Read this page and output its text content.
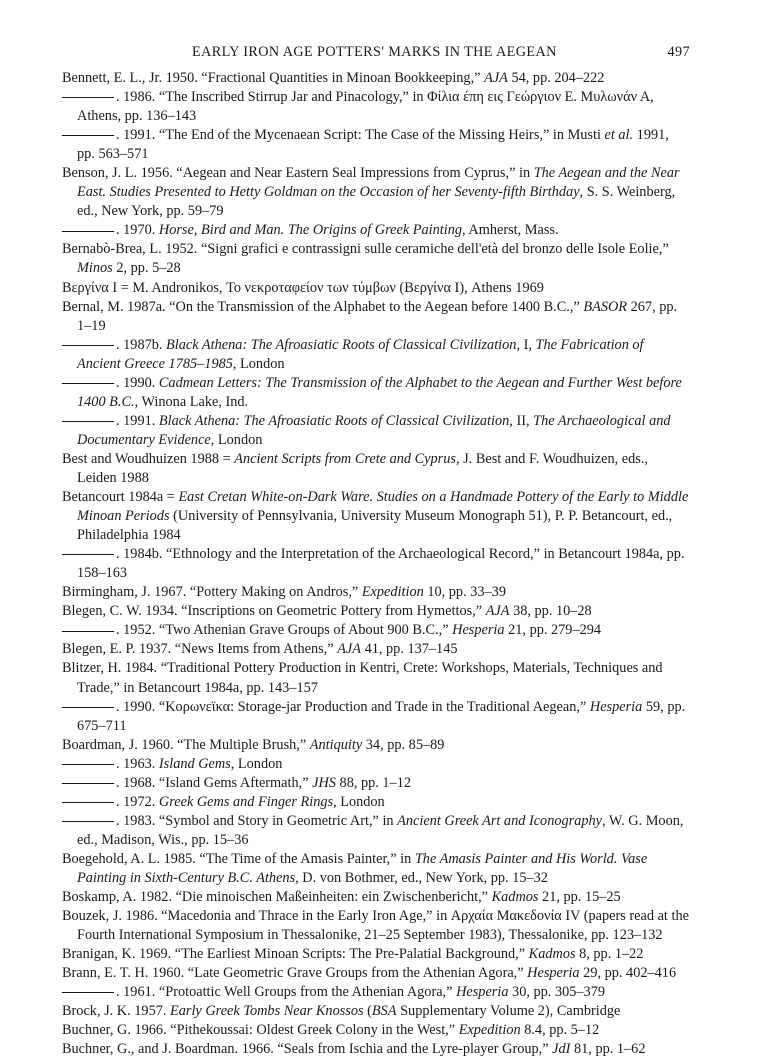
EARLY IRON AGE POTTERS' MARKS IN THE AEGEAN	497

Bennett, E. L., Jr. 1950. “Fractional Quantities in Minoan Bookkeeping,” AJA 54, pp. 204–222

. 1986. “The Inscribed Stirrup Jar and Pinacology,” in Φίλια έπη εις Γεώργιον Ε. Μυλωνάν Α, Athens, pp. 136–143

. 1991. “The End of the Mycenaean Script: The Case of the Missing Heirs,” in Musti et al. 1991, pp. 563–571

Benson, J. L. 1956. “Aegean and Near Eastern Seal Impressions from Cyprus,” in The Aegean and the Near East. Studies Presented to Hetty Goldman on the Occasion of her Seventy-fifth Birthday, S. S. Weinberg, ed., New York, pp. 59–79

. 1970. Horse, Bird and Man. The Origins of Greek Painting, Amherst, Mass.

Bernabò-Brea, L. 1952. “Signi grafici e contrassigni sulle ceramiche dell'età del bronzo delle Isole Eolie,” Minos 2, pp. 5–28

Βεργίνα I = M. Andronikos, Το νεκροταφείον των τύμβων (Βεργίνα I), Athens 1969

Bernal, M. 1987a. “On the Transmission of the Alphabet to the Aegean before 1400 B.C.,” BASOR 267, pp. 1–19

. 1987b. Black Athena: The Afroasiatic Roots of Classical Civilization, I, The Fabrication of Ancient Greece 1785–1985, London

. 1990. Cadmean Letters: The Transmission of the Alphabet to the Aegean and Further West before 1400 B.C., Winona Lake, Ind.

. 1991. Black Athena: The Afroasiatic Roots of Classical Civilization, II, The Archaeological and Documentary Evidence, London

Best and Woudhuizen 1988 = Ancient Scripts from Crete and Cyprus, J. Best and F. Woudhuizen, eds., Leiden 1988

Betancourt 1984a = East Cretan White-on-Dark Ware. Studies on a Handmade Pottery of the Early to Middle Minoan Periods (University of Pennsylvania, University Museum Monograph 51), P. P. Betancourt, ed., Philadelphia 1984

. 1984b. “Ethnology and the Interpretation of the Archaeological Record,” in Betancourt 1984a, pp. 158–163

Birmingham, J. 1967. “Pottery Making on Andros,” Expedition 10, pp. 33–39

Blegen, C. W. 1934. “Inscriptions on Geometric Pottery from Hymettos,” AJA 38, pp. 10–28

. 1952. “Two Athenian Grave Groups of About 900 B.C.,” Hesperia 21, pp. 279–294

Blegen, E. P. 1937. “News Items from Athens,” AJA 41, pp. 137–145

Blitzer, H. 1984. “Traditional Pottery Production in Kentri, Crete: Workshops, Materials, Techniques and Trade,” in Betancourt 1984a, pp. 143–157

. 1990. “Κορωνεϊκα: Storage-jar Production and Trade in the Traditional Aegean,” Hesperia 59, pp. 675–711

Boardman, J. 1960. “The Multiple Brush,” Antiquity 34, pp. 85–89

. 1963. Island Gems, London

. 1968. “Island Gems Aftermath,” JHS 88, pp. 1–12

. 1972. Greek Gems and Finger Rings, London

. 1983. “Symbol and Story in Geometric Art,” in Ancient Greek Art and Iconography, W. G. Moon, ed., Madison, Wis., pp. 15–36

Boegehold, A. L. 1985. “The Time of the Amasis Painter,” in The Amasis Painter and His World. Vase Painting in Sixth-Century B.C. Athens, D. von Bothmer, ed., New York, pp. 15–32

Boskamp, A. 1982. “Die minoischen Maßeinheiten: ein Zwischenbericht,” Kadmos 21, pp. 15–25

Bouzek, J. 1986. “Macedonia and Thrace in the Early Iron Age,” in Αρχαία Μακεδονία IV (papers read at the Fourth International Symposium in Thessalonike, 21–25 September 1983), Thessalonike, pp. 123–132

Branigan, K. 1969. “The Earliest Minoan Scripts: The Pre-Palatial Background,” Kadmos 8, pp. 1–22

Brann, E. T. H. 1960. “Late Geometric Grave Groups from the Athenian Agora,” Hesperia 29, pp. 402–416

. 1961. “Protoattic Well Groups from the Athenian Agora,” Hesperia 30, pp. 305–379

Brock, J. K. 1957. Early Greek Tombs Near Knossos (BSA Supplementary Volume 2), Cambridge

Buchner, G. 1966. “Pithekoussai: Oldest Greek Colony in the West,” Expedition 8.4, pp. 5–12

Buchner, G., and J. Boardman. 1966. “Seals from Ischia and the Lyre-player Group,” JdI 81, pp. 1–62
